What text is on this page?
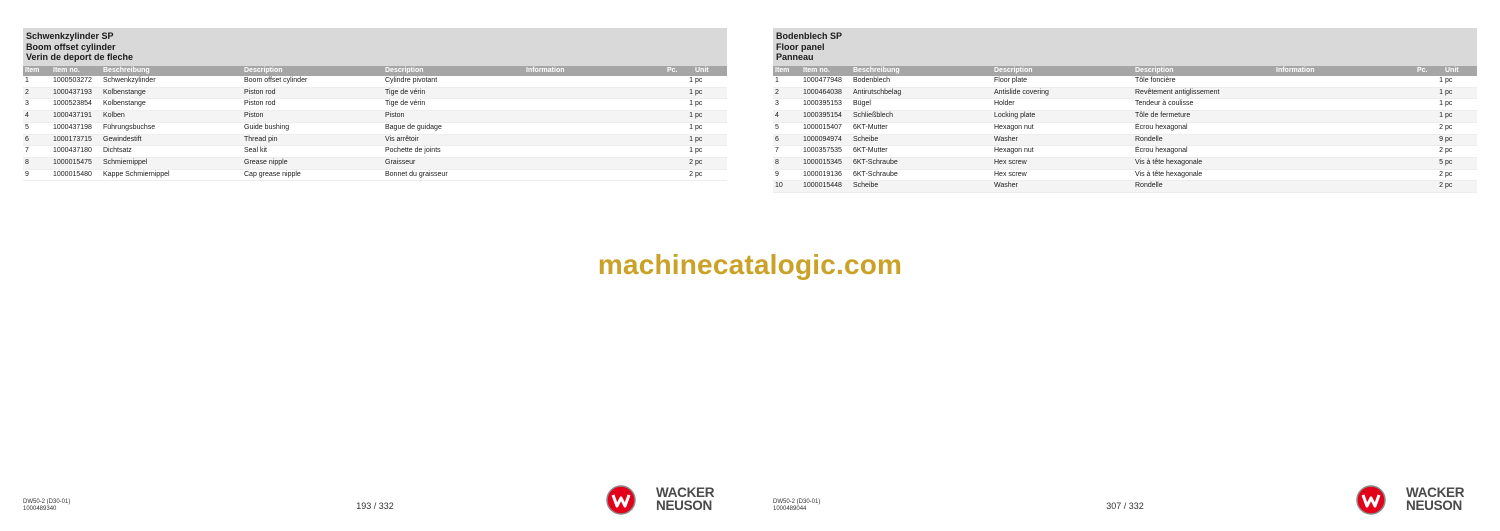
Schwenkzylinder SP
Boom offset cylinder
Verin de deport de fleche
Item	Item no.	Beschreibung	Description	Description	Information	Pc.	Unit
1	1000503272	Schwenkzylinder	Boom offset cylinder	Cylindre pivotant		1	pc
2	1000437193	Kolbenstange	Piston rod	Tige de vérin		1	pc
3	1000523854	Kolbenstange	Piston rod	Tige de vérin		1	pc
4	1000437191	Kolben	Piston	Piston		1	pc
5	1000437198	Führungsbuchse	Guide bushing	Bague de guidage		1	pc
6	1000173715	Gewindestift	Thread pin	Vis arrêtoir		1	pc
7	1000437180	Dichtsatz	Seal kit	Pochette de joints		1	pc
8	1000015475	Schmiernippel	Grease nipple	Graisseur		2	pc
9	1000015480	Kappe Schmiernippel	Cap grease nipple	Bonnet du graisseur		2	pc
DW50-2 (D30-01)
1000489340	193 / 332
WACKER
NEUSON
Bodenblech SP
Floor panel
Panneau
Item	Item no.	Beschreibung	Description	Description	Information	Pc.	Unit
1	1000477948	Bodenblech	Floor plate	Tôle foncière		1	pc
2	1000464038	Antirutschbelag	Antislide covering	Revêtement antiglissement		1	pc
3	1000395153	Bügel	Holder	Tendeur à coulisse		1	pc
4	1000395154	Schließblech	Locking plate	Tôle de fermeture		1	pc
5	1000015407	6KT-Mutter	Hexagon nut	Écrou hexagonal		2	pc
6	1000094974	Scheibe	Washer	Rondelle		9	pc
7	1000357535	6KT-Mutter	Hexagon nut	Écrou hexagonal		2	pc
8	1000015345	6KT-Schraube	Hex screw	Vis à tête hexagonale		5	pc
9	1000019136	6KT-Schraube	Hex screw	Vis à tête hexagonale		2	pc
10	1000015448	Scheibe	Washer	Rondelle		2	pc
DW50-2 (D30-01)
1000489044	307 / 332
WACKER
NEUSON
machinecatalogic.com
